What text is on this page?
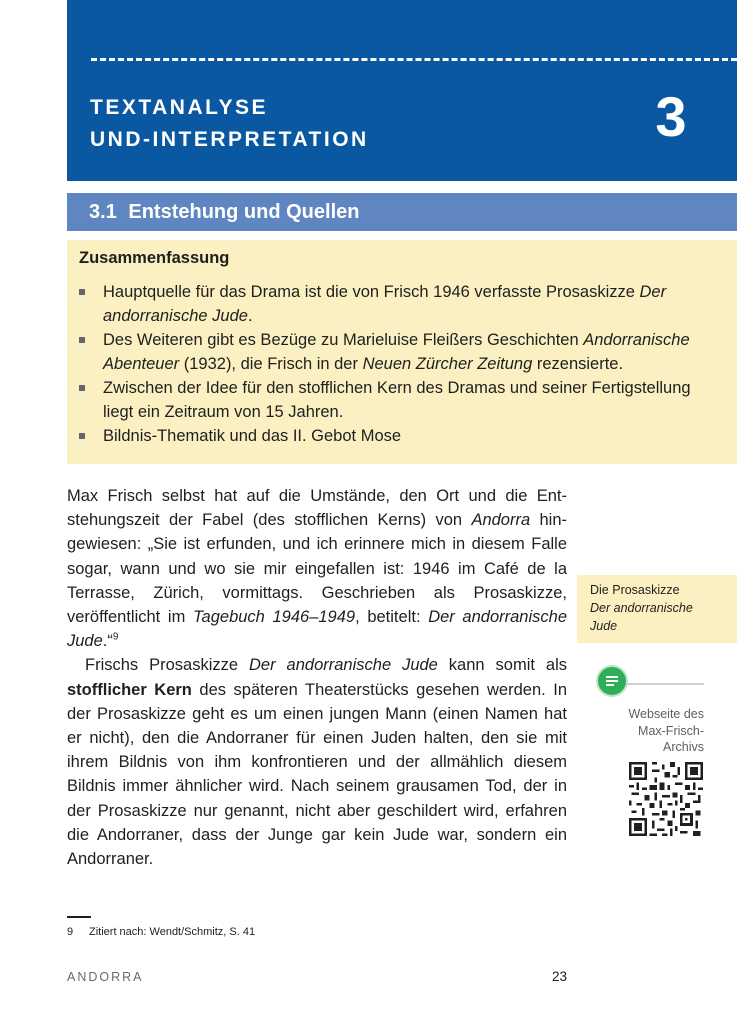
TEXTANALYSE
UND-INTERPRETATION	3
3.1 Entstehung und Quellen
Zusammenfassung
Hauptquelle für das Drama ist die von Frisch 1946 verfasste Prosaskizze Der andorranische Jude.
Des Weiteren gibt es Bezüge zu Marieluise Fleißers Geschichten Andorranische Abenteuer (1932), die Frisch in der Neuen Zürcher Zeitung rezensierte.
Zwischen der Idee für den stofflichen Kern des Dramas und seiner Fertigstellung liegt ein Zeitraum von 15 Jahren.
Bildnis-Thematik und das II. Gebot Mose

Max Frisch selbst hat auf die Umstände, den Ort und die Entstehungszeit der Fabel (des stofflichen Kerns) von Andorra hingewiesen: „Sie ist erfunden, und ich erinnere mich in diesem Falle sogar, wann und wo sie mir eingefallen ist: 1946 im Café de la Terrasse, Zürich, vormittags. Geschrieben als Prosaskizze, veröffentlicht im Tagebuch 1946–1949, betitelt: Der andorranische Jude.“$^9$

Frischs Prosaskizze Der andorranische Jude kann somit als stofflicher Kern des späteren Theaterstücks gesehen werden. In der Prosaskizze geht es um einen jungen Mann (einen Namen hat er nicht), den die Andorraner für einen Juden halten, den sie mit ihrem Bildnis von ihm konfrontieren und der allmählich diesem Bildnis immer ähnlicher wird. Nach seinem grausamen Tod, der in der Prosaskizze nur genannt, nicht aber geschildert wird, erfahren die Andorraner, dass der Junge gar kein Jude war, sondern ein Andorraner.

Die Prosaskizze
Der andorranische
Jude
Webseite des
Max-Frisch-
Archivs
9 Zitiert nach: Wendt/Schmitz, S. 41
ANDORRA	23
